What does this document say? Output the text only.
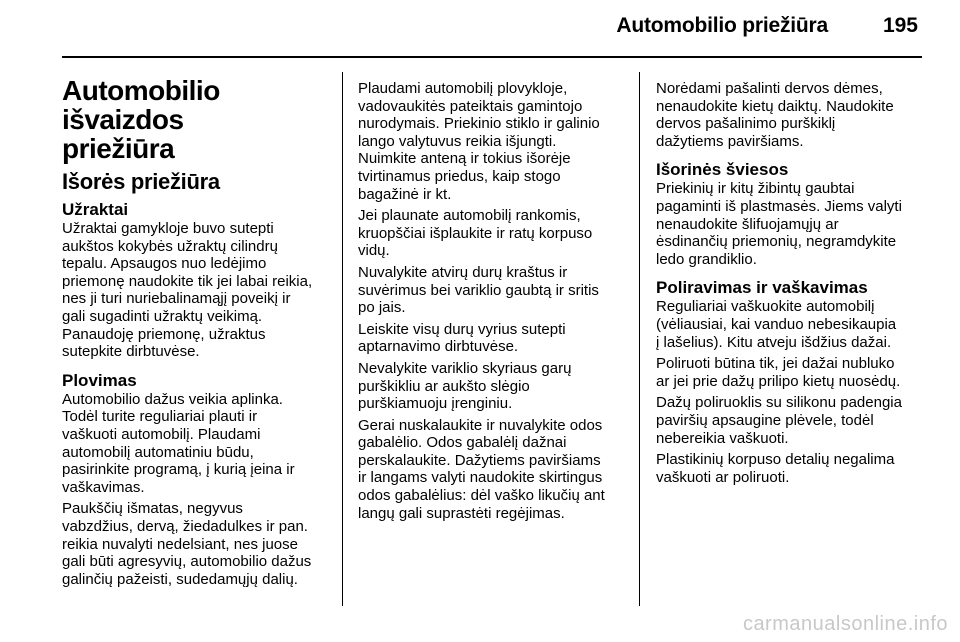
Automobilio priežiūra	195
Automobilio išvaizdos
priežiūra
Išorės priežiūra
Užraktai

Užraktai gamykloje buvo sutepti
aukštos kokybės užraktų cilindrų
tepalu. Apsaugos nuo ledėjimo
priemonę naudokite tik jei labai reikia,
nes ji turi nuriebalinamąjį poveikį ir
gali sugadinti užraktų veikimą.
Panaudoję priemonę, užraktus
sutepkite dirbtuvėse.

Plovimas

Automobilio dažus veikia aplinka.
Todėl turite reguliariai plauti ir
vaškuoti automobilį. Plaudami
automobilį automatiniu būdu,
pasirinkite programą, į kurią įeina ir
vaškavimas.

Paukščių išmatas, negyvus
vabzdžius, dervą, žiedadulkes ir pan.
reikia nuvalyti nedelsiant, nes juose
gali būti agresyvių, automobilio dažus
galinčių pažeisti, sudedamųjų dalių.

Plaudami automobilį plovykloje,
vadovaukitės pateiktais gamintojo
nurodymais. Priekinio stiklo ir galinio
lango valytuvus reikia išjungti.
Nuimkite anteną ir tokius išorėje
tvirtinamus priedus, kaip stogo
bagažinė ir kt.

Jei plaunate automobilį rankomis,
kruopščiai išplaukite ir ratų korpuso
vidų.

Nuvalykite atvirų durų kraštus ir
suvėrimus bei variklio gaubtą ir sritis
po jais.

Leiskite visų durų vyrius sutepti
aptarnavimo dirbtuvėse.

Nevalykite variklio skyriaus garų
purškikliu ar aukšto slėgio
purškiamuoju įrenginiu.

Gerai nuskalaukite ir nuvalykite odos
gabalėlio. Odos gabalėlį dažnai
perskalaukite. Dažytiems paviršiams
ir langams valyti naudokite skirtingus
odos gabalėlius: dėl vaško likučių ant
langų gali suprastėti regėjimas.

Norėdami pašalinti dervos dėmes,
nenaudokite kietų daiktų. Naudokite
dervos pašalinimo purškiklį
dažytiems paviršiams.

Išorinės šviesos

Priekinių ir kitų žibintų gaubtai
pagaminti iš plastmasės. Jiems valyti
nenaudokite šlifuojamųjų ar
ėsdinančių priemonių, negramdykite
ledo grandiklio.

Poliravimas ir vaškavimas

Reguliariai vaškuokite automobilį
(vėliausiai, kai vanduo nebesikaupia
į lašelius). Kitu atveju išdžius dažai.

Poliruoti būtina tik, jei dažai nubluko
ar jei prie dažų prilipo kietų nuosėdų.

Dažų poliruoklis su silikonu padengia
paviršių apsaugine plėvele, todėl
nebereikia vaškuoti.

Plastikinių korpuso detalių negalima
vaškuoti ar poliruoti.

carmanualsonline.info
